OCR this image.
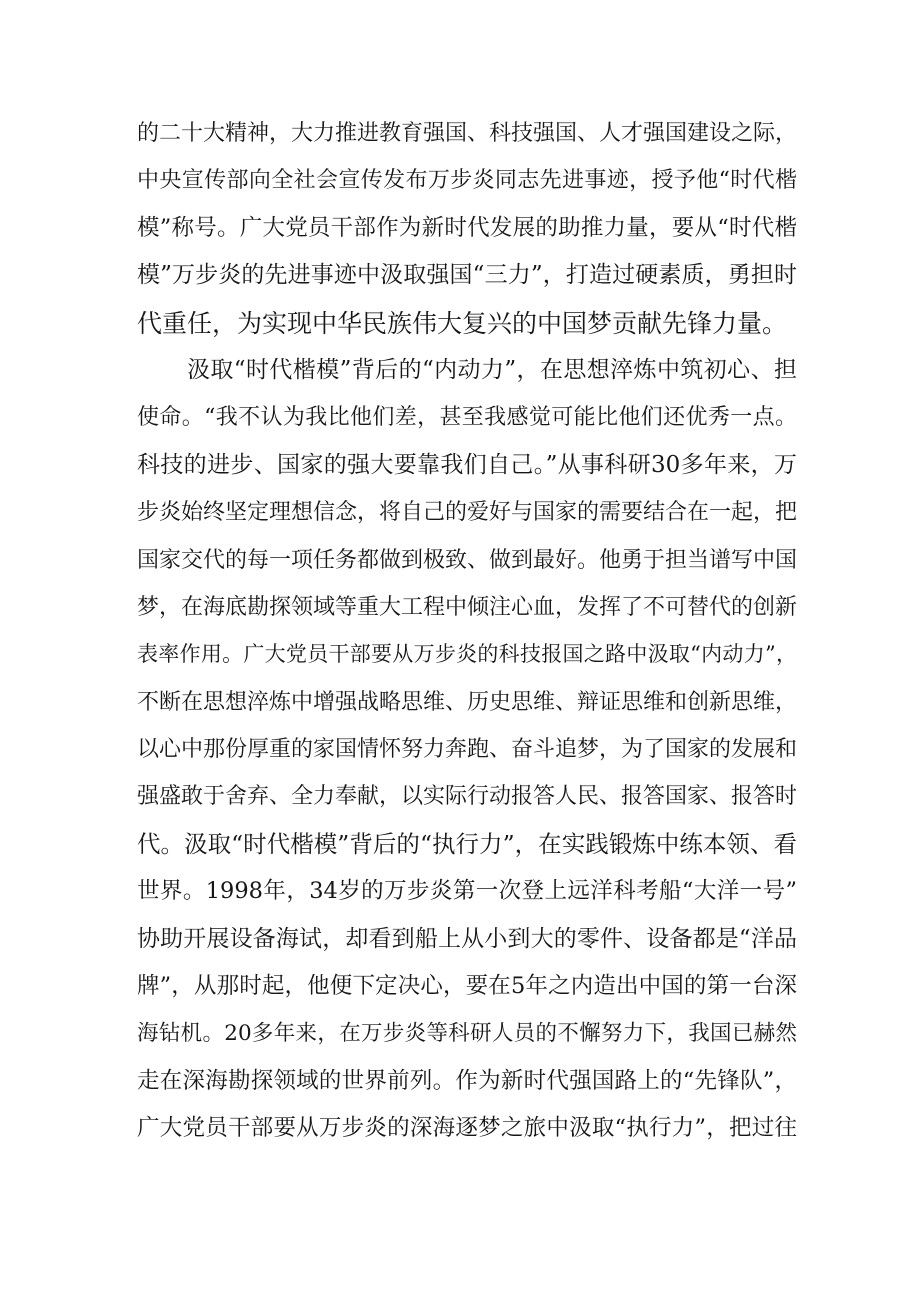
的二十大精神，大力推进教育强国、科技强国、人才强国建设之际，
中央宣传部向全社会宣传发布万步炎同志先进事迹，授予他“时代楷
模”称号。广大党员干部作为新时代发展的助推力量，要从“时代楷
模”万步炎的先进事迹中汲取强国“三力”，打造过硬素质，勇担时
代重任，为实现中华民族伟大复兴的中国梦贡献先锋力量。
汲取“时代楷模”背后的“内动力”，在思想淬炼中筑初心、担
使命。“我不认为我比他们差，甚至我感觉可能比他们还优秀一点。
科技的进步、国家的强大要靠我们自己。”从事科研30多年来，万
步炎始终坚定理想信念，将自己的爱好与国家的需要结合在一起，把
国家交代的每一项任务都做到极致、做到最好。他勇于担当谱写中国
梦，在海底勘探领域等重大工程中倾注心血，发挥了不可替代的创新
表率作用。广大党员干部要从万步炎的科技报国之路中汲取“内动力”，
不断在思想淬炼中增强战略思维、历史思维、辩证思维和创新思维，
以心中那份厚重的家国情怀努力奔跑、奋斗追梦，为了国家的发展和
强盛敢于舍弃、全力奉献，以实际行动报答人民、报答国家、报答时
代。汲取“时代楷模”背后的“执行力”，在实践锻炼中练本领、看
世界。1998年，34岁的万步炎第一次登上远洋科考船“大洋一号”
协助开展设备海试，却看到船上从小到大的零件、设备都是“洋品
牌”，从那时起，他便下定决心，要在5年之内造出中国的第一台深
海钻机。20多年来，在万步炎等科研人员的不懈努力下，我国已赫然
走在深海勘探领域的世界前列。作为新时代强国路上的“先锋队”，
广大党员干部要从万步炎的深海逐梦之旅中汲取“执行力”，把过往
